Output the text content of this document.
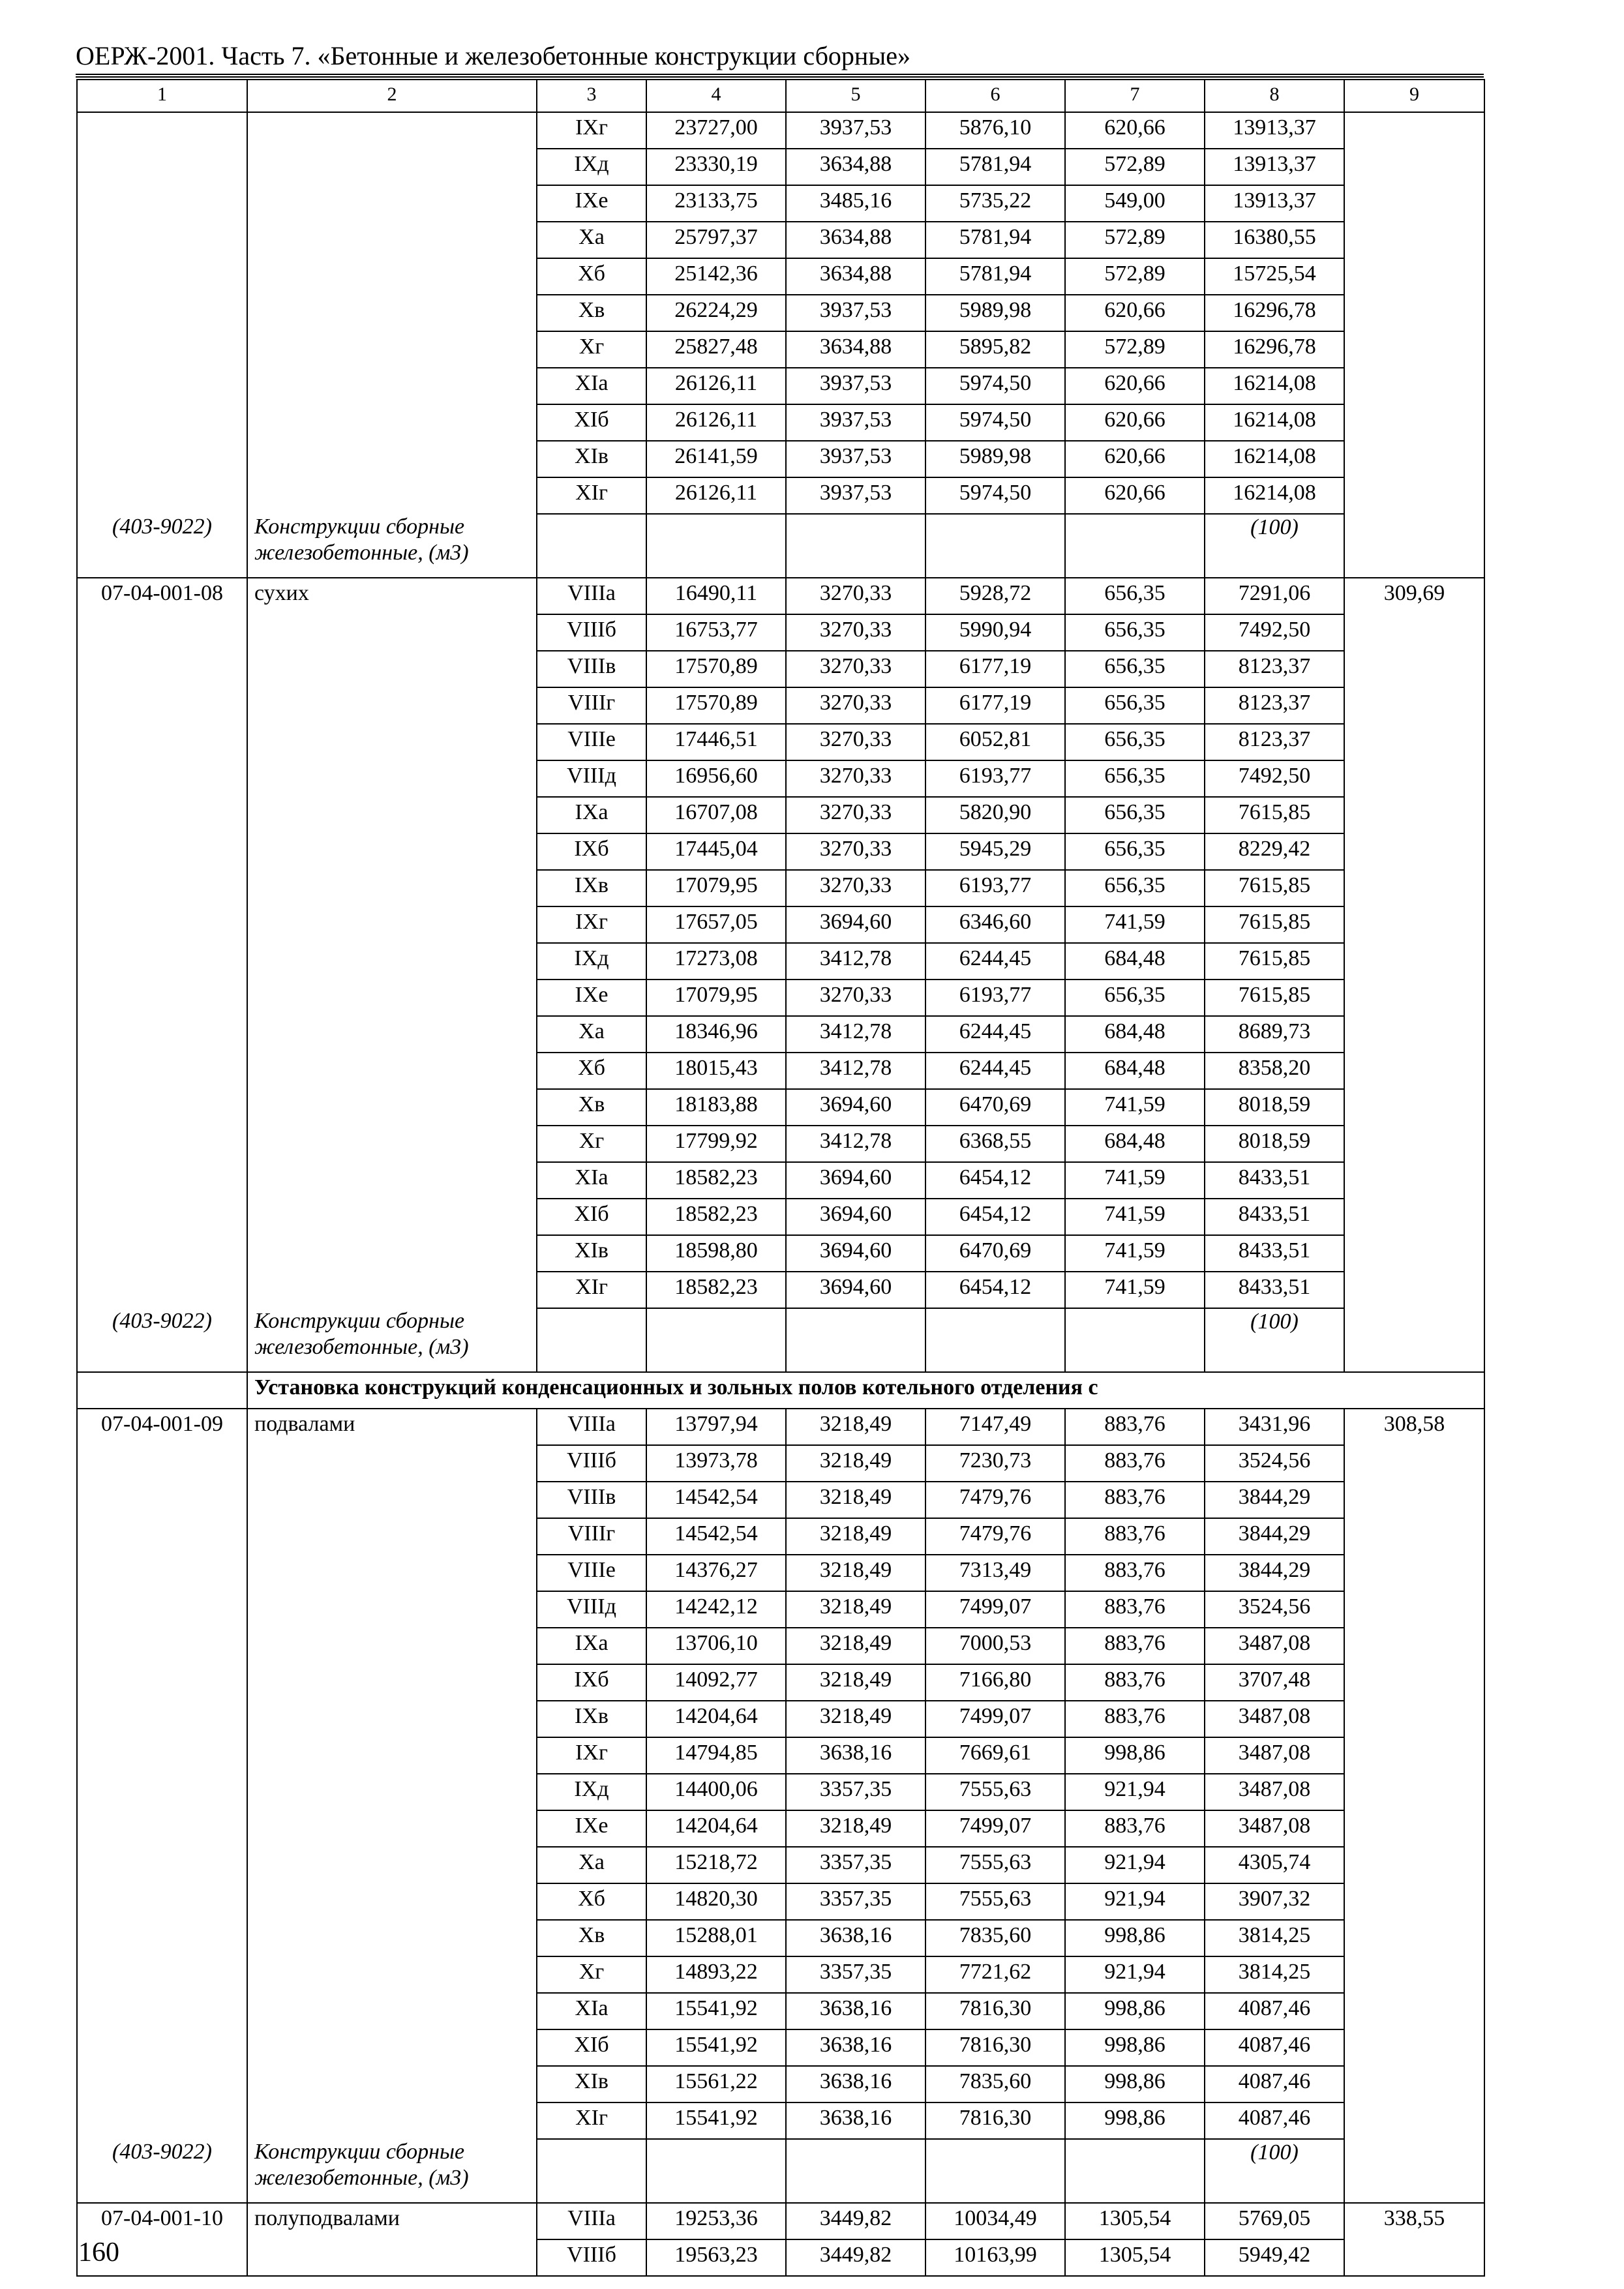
ОЕРЖ-2001. Часть 7. «Бетонные и железобетонные конструкции сборные»
1	2	3	4	5	6	7	8	9
		IXг	23727,00	3937,53	5876,10	620,66	13913,37	
		IXд	23330,19	3634,88	5781,94	572,89	13913,37	
		IXе	23133,75	3485,16	5735,22	549,00	13913,37	
		Xа	25797,37	3634,88	5781,94	572,89	16380,55	
		Xб	25142,36	3634,88	5781,94	572,89	15725,54	
		Xв	26224,29	3937,53	5989,98	620,66	16296,78	
		Xг	25827,48	3634,88	5895,82	572,89	16296,78	
		XIа	26126,11	3937,53	5974,50	620,66	16214,08	
		XIб	26126,11	3937,53	5974,50	620,66	16214,08	
		XIв	26141,59	3937,53	5989,98	620,66	16214,08	
		XIг	26126,11	3937,53	5974,50	620,66	16214,08	
(403-9022)	Конструкции сборные железобетонные, (м3)						(100)	
07-04-001-08	сухих	VIIIа	16490,11	3270,33	5928,72	656,35	7291,06	309,69
		VIIIб	16753,77	3270,33	5990,94	656,35	7492,50	
		VIIIв	17570,89	3270,33	6177,19	656,35	8123,37	
		VIIIг	17570,89	3270,33	6177,19	656,35	8123,37	
		VIIIе	17446,51	3270,33	6052,81	656,35	8123,37	
		VIIIд	16956,60	3270,33	6193,77	656,35	7492,50	
		IXа	16707,08	3270,33	5820,90	656,35	7615,85	
		IXб	17445,04	3270,33	5945,29	656,35	8229,42	
		IXв	17079,95	3270,33	6193,77	656,35	7615,85	
		IXг	17657,05	3694,60	6346,60	741,59	7615,85	
		IXд	17273,08	3412,78	6244,45	684,48	7615,85	
		IXе	17079,95	3270,33	6193,77	656,35	7615,85	
		Xа	18346,96	3412,78	6244,45	684,48	8689,73	
		Xб	18015,43	3412,78	6244,45	684,48	8358,20	
		Xв	18183,88	3694,60	6470,69	741,59	8018,59	
		Xг	17799,92	3412,78	6368,55	684,48	8018,59	
		XIа	18582,23	3694,60	6454,12	741,59	8433,51	
		XIб	18582,23	3694,60	6454,12	741,59	8433,51	
		XIв	18598,80	3694,60	6470,69	741,59	8433,51	
		XIг	18582,23	3694,60	6454,12	741,59	8433,51	
(403-9022)	Конструкции сборные железобетонные, (м3)						(100)	
	Установка конструкций конденсационных и зольных полов котельного отделения с							
07-04-001-09	подвалами	VIIIа	13797,94	3218,49	7147,49	883,76	3431,96	308,58
		VIIIб	13973,78	3218,49	7230,73	883,76	3524,56	
		VIIIв	14542,54	3218,49	7479,76	883,76	3844,29	
		VIIIг	14542,54	3218,49	7479,76	883,76	3844,29	
		VIIIе	14376,27	3218,49	7313,49	883,76	3844,29	
		VIIIд	14242,12	3218,49	7499,07	883,76	3524,56	
		IXа	13706,10	3218,49	7000,53	883,76	3487,08	
		IXб	14092,77	3218,49	7166,80	883,76	3707,48	
		IXв	14204,64	3218,49	7499,07	883,76	3487,08	
		IXг	14794,85	3638,16	7669,61	998,86	3487,08	
		IXд	14400,06	3357,35	7555,63	921,94	3487,08	
		IXе	14204,64	3218,49	7499,07	883,76	3487,08	
		Xа	15218,72	3357,35	7555,63	921,94	4305,74	
		Xб	14820,30	3357,35	7555,63	921,94	3907,32	
		Xв	15288,01	3638,16	7835,60	998,86	3814,25	
		Xг	14893,22	3357,35	7721,62	921,94	3814,25	
		XIа	15541,92	3638,16	7816,30	998,86	4087,46	
		XIб	15541,92	3638,16	7816,30	998,86	4087,46	
		XIв	15561,22	3638,16	7835,60	998,86	4087,46	
		XIг	15541,92	3638,16	7816,30	998,86	4087,46	
(403-9022)	Конструкции сборные железобетонные, (м3)						(100)	
07-04-001-10	полуподвалами	VIIIа	19253,36	3449,82	10034,49	1305,54	5769,05	338,55
		VIIIб	19563,23	3449,82	10163,99	1305,54	5949,42	
160
